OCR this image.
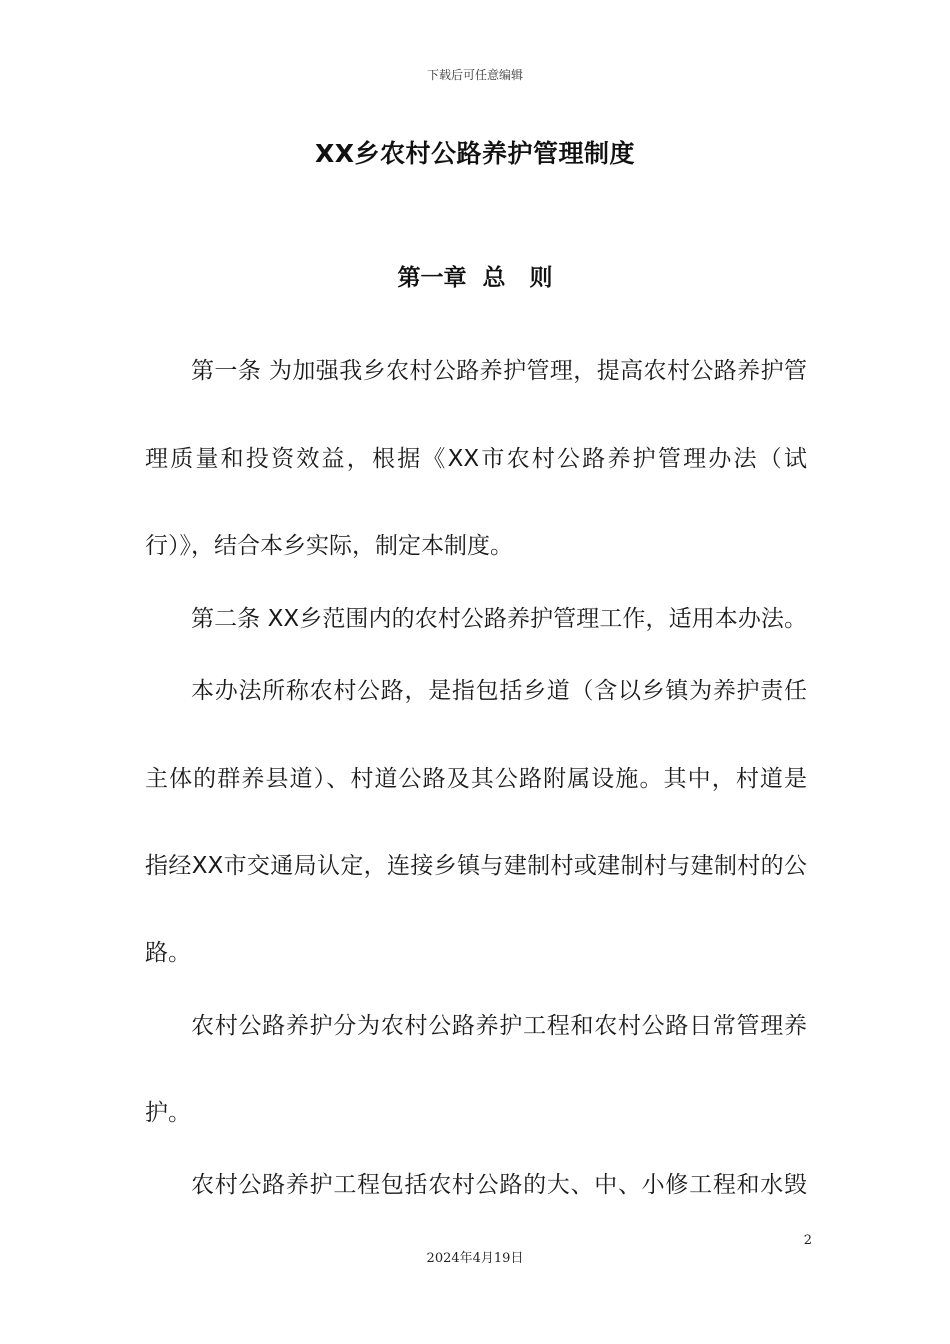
下载后可任意编辑
XX乡农村公路养护管理制度
第一章  总   则
第一条 为加强我乡农村公路养护管理，提高农村公路养护管
理质量和投资效益，根据《XX市农村公路养护管理办法（试
行）》，结合本乡实际，制定本制度。
第二条 XX乡范围内的农村公路养护管理工作，适用本办法。
本办法所称农村公路，是指包括乡道（含以乡镇为养护责任
主体的群养县道）、村道公路及其公路附属设施。其中，村道是
指经XX市交通局认定，连接乡镇与建制村或建制村与建制村的公
路。
农村公路养护分为农村公路养护工程和农村公路日常管理养
护。
农村公路养护工程包括农村公路的大、中、小修工程和水毁
2
2024年4月19日
